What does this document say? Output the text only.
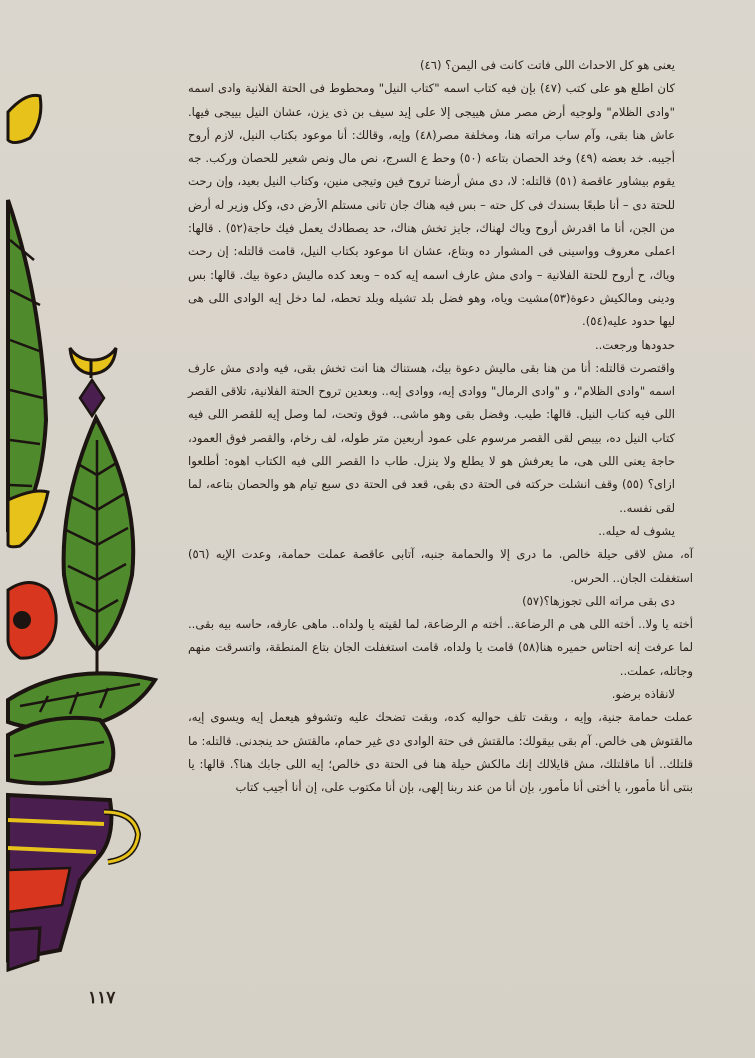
يعنى هو كل الاحداث اللى فاتت كانت فى اليمن؟ (٤٦)

كان اطلع هو على كتب (٤٧) بإن فيه كتاب اسمه "كتاب النيل" ومحطوط فى الحتة الفلانية وادى اسمه "وادى الظلام" ولوجيه أرض مصر مش هييجى إلا على إيد سيف بن ذى يزن، عشان النيل بييجى فيها. عاش هنا بقى، وآم ساب مراته هنا، ومخلفة مصر(٤٨) وإيه، وقالك: أنا موعود بكتاب النيل، لازم أروح أجيبه. خد بعضه (٤٩) وخد الحصان بتاعه (٥٠) وحط ع السرج، نص مال ونص شعير للحصان وركب. جه يقوم بيشاور عاقصة (٥١) قالتله: لا، دى مش أرضنا تروح فين وتيجى منين، وكتاب النيل بعيد، وإن رحت للحتة دى – أنا طبعًا بسندك فى كل حته – بس فيه هناك جان تانى مستلم الأرض دى، وكل وزير له أرض من الجن، أنا ما اقدرش أروح وياك لهناك، جايز تخش هناك، حد يصطادك يعمل فيك حاجة(٥٢) . قالها: اعملى معروف وواسينى فى المشوار ده وبتاع، عشان انا موعود بكتاب النيل، قامت قالتله: إن رحت وياك، ح أروح للحتة الفلانية – وادى مش عارف اسمه إيه كده – وبعد كده ماليش دعوة بيك. قالها: بس ودينى ومالكيش دعوة(٥٣)مشيت وياه، وهو فضل بلد تشيله وبلد تحطه، لما دخل إيه الوادى اللى هى ليها حدود عليه(٥٤).

حدودها ورجعت..

واقتصرت قالتله: أنا من هنا بقى ماليش دعوة بيك، هستناك هنا انت تخش بقى، فيه وادى مش عارف اسمه "وادى الظلام"، و "وادى الرمال" ووادى إيه، ووادى إيه.. وبعدين تروح الحتة الفلانية، تلاقى القصر اللى فيه كتاب النيل. قالها: طيب. وفضل بقى وهو ماشى.. فوق وتحت، لما وصل إيه للقصر اللى فيه كتاب النيل ده، بيبص لقى القصر مرسوم على عمود أربعين متر طوله، لف رخام، والقصر فوق العمود، حاجة يعنى اللى هى، ما يعرفش هو لا يطلع ولا ينزل. طاب دا القصر اللى فيه الكتاب اهوه: أطلعوا ازاى؟ (٥٥) وقف انشلت حركته فى الحتة دى بقى، قعد فى الحتة دى سبع تيام هو والحصان بتاعه، لما لقى نفسه..

يشوف له حيله..

آه، مش لاقى حيلة خالص. ما درى إلا والحمامة جنبه، آتابى عاقصة عملت حمامة، وعدت الإيه (٥٦) استغفلت الجان.. الحرس.

دى بقى مراته اللى تجوزها؟(٥٧)

أخته يا ولا.. أخته اللى هى م الرضاعة.. أخته م الرضاعة، لما لقيته يا ولداه.. ماهى عارفه، حاسه بيه بقى.. لما عرفت إنه احتاس حميره هنا(٥٨) قامت يا ولداه، قامت استغفلت الجان بتاع المنطقة، واتسرقت منهم وجاتله، عملت..

لانقاذه برضو.

عملت حمامة جنية، وإيه ، وبقت تلف حواليه كده، وبقت تضحك عليه وتشوفو هيعمل إيه ويسوى إيه، مالقتوش هى خالص. آم بقى بيقولك: مالقتش فى حتة الوادى دى غير حمام، مالقتش حد ينجدنى. قالتله: ما قلتلك.. أنا ماقلتلك، مش قايلالك إنك مالكش حيلة هنا فى الحتة دى خالص؛ إيه اللى جابك هنا؟. قالها: يا بنتى أنا مأمور، يا أختى أنا مأمور، بإن أنا من عند ربنا إلهى، بإن أنا مكتوب على، إن أنا أجيب كتاب

١١٧
